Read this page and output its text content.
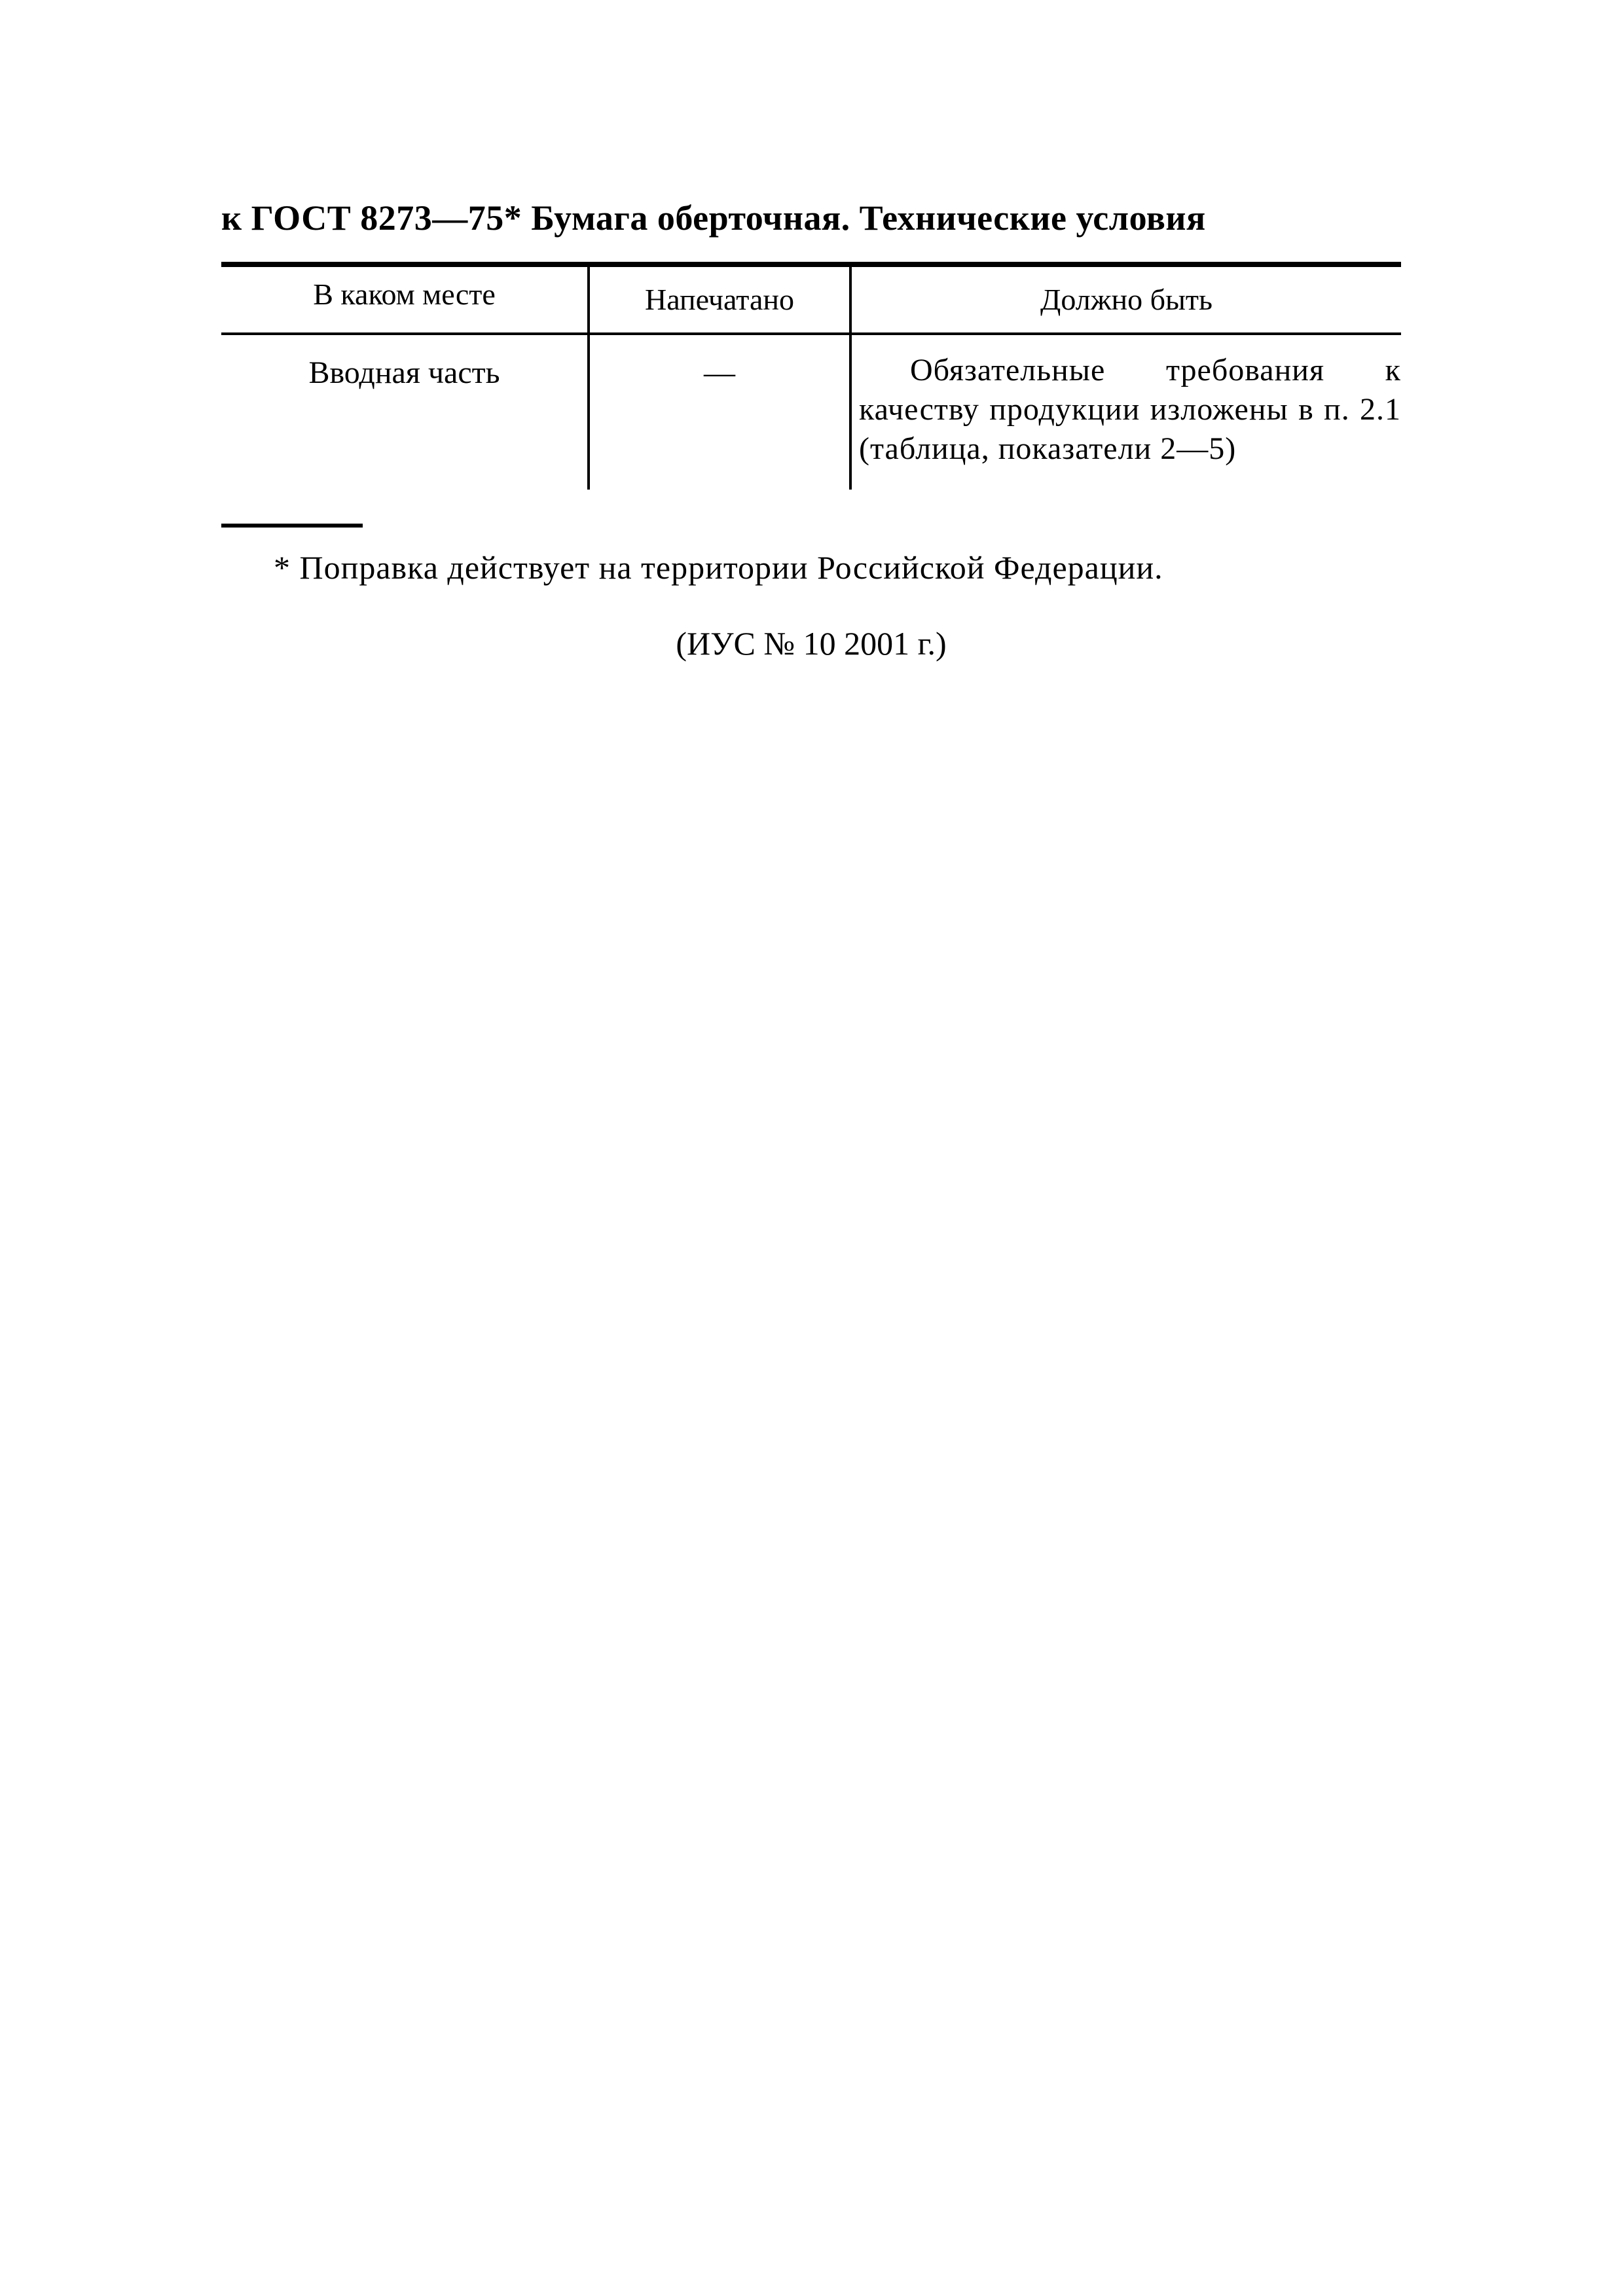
к ГОСТ 8273—75* Бумага оберточная. Технические условия
В каком месте	Напечатано	Должно быть
Вводная часть	—	Обязательные требования к качеству продукции изложены в п. 2.1 (таблица, показатели 2—5)
* Поправка действует на территории Российской Федерации.
(ИУС № 10 2001 г.)
